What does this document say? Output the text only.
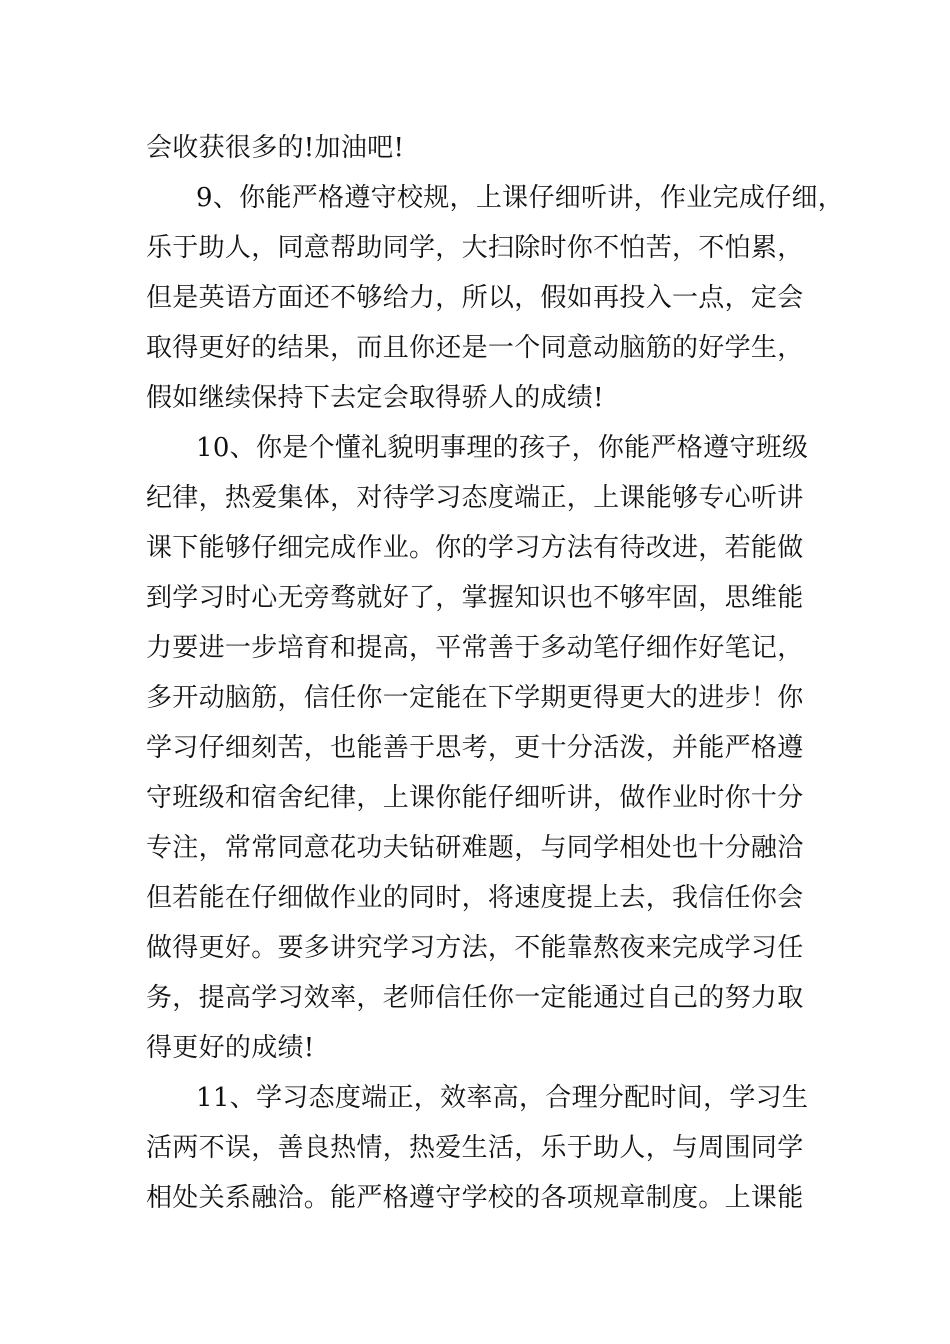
会收获很多的!加油吧!
9、你能严格遵守校规，上课仔细听讲，作业完成仔细，
乐于助人，同意帮助同学，大扫除时你不怕苦，不怕累，
但是英语方面还不够给力，所以，假如再投入一点，定会
取得更好的结果，而且你还是一个同意动脑筋的好学生，
假如继续保持下去定会取得骄人的成绩!
10、你是个懂礼貌明事理的孩子，你能严格遵守班级
纪律，热爱集体，对待学习态度端正，上课能够专心听讲
课下能够仔细完成作业。你的学习方法有待改进，若能做
到学习时心无旁骛就好了，掌握知识也不够牢固，思维能
力要进一步培育和提高，平常善于多动笔仔细作好笔记，
多开动脑筋，信任你一定能在下学期更得更大的进步！你
学习仔细刻苦，也能善于思考，更十分活泼，并能严格遵
守班级和宿舍纪律，上课你能仔细听讲，做作业时你十分
专注，常常同意花功夫钻研难题，与同学相处也十分融洽
但若能在仔细做作业的同时，将速度提上去，我信任你会
做得更好。要多讲究学习方法，不能靠熬夜来完成学习任
务，提高学习效率，老师信任你一定能通过自己的努力取
得更好的成绩!
11、学习态度端正，效率高，合理分配时间，学习生
活两不误，善良热情，热爱生活，乐于助人，与周围同学
相处关系融洽。能严格遵守学校的各项规章制度。上课能
